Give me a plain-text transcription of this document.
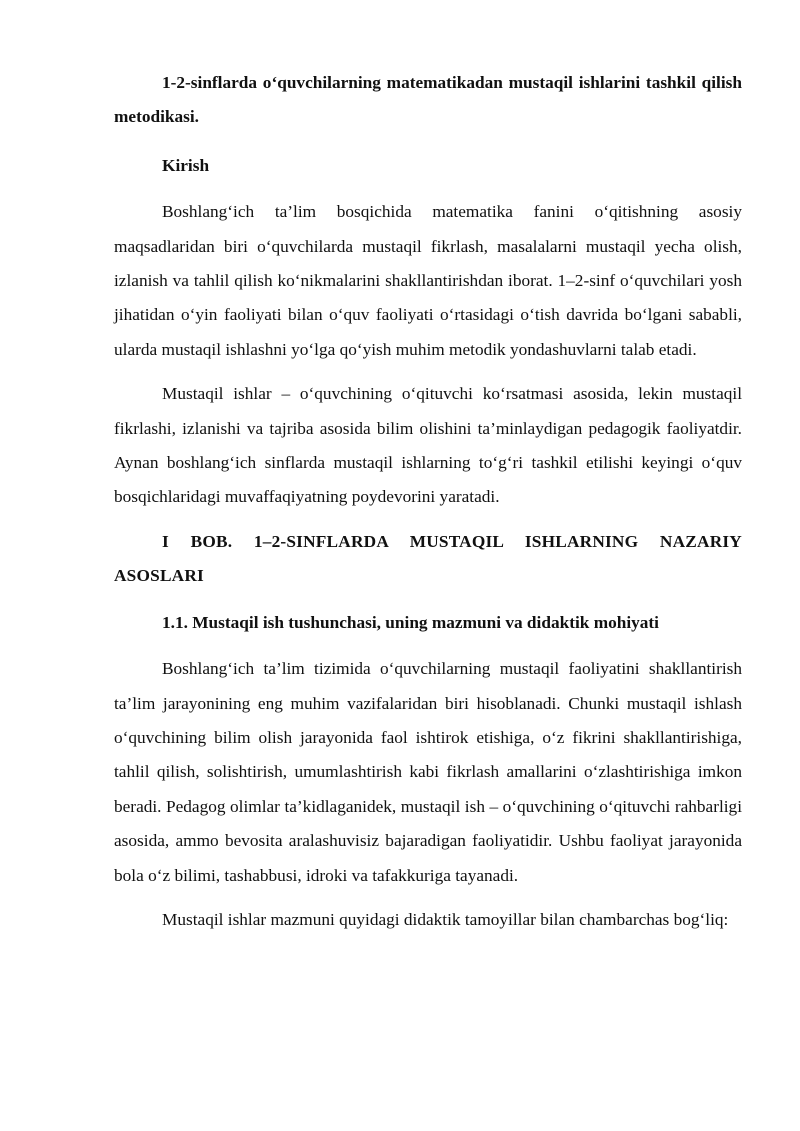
1-2-sinflarda o‘quvchilarning matematikadan mustaqil ishlarini tashkil qilish metodikasi.

Kirish

Boshlang‘ich ta’lim bosqichida matematika fanini o‘qitishning asosiy maqsadlaridan biri o‘quvchilarda mustaqil fikrlash, masalalarni mustaqil yecha olish, izlanish va tahlil qilish ko‘nikmalarini shakllantirishdan iborat. 1–2-sinf o‘quvchilari yosh jihatidan o‘yin faoliyati bilan o‘quv faoliyati o‘rtasidagi o‘tish davrida bo‘lgani sababli, ularda mustaqil ishlashni yo‘lga qo‘yish muhim metodik yondashuvlarni talab etadi.

Mustaqil ishlar – o‘quvchining o‘qituvchi ko‘rsatmasi asosida, lekin mustaqil fikrlashi, izlanishi va tajriba asosida bilim olishini ta’minlaydigan pedagogik faoliyatdir. Aynan boshlang‘ich sinflarda mustaqil ishlarning to‘g‘ri tashkil etilishi keyingi o‘quv bosqichlaridagi muvaffaqiyatning poydevorini yaratadi.

I BOB. 1–2-SINFLARDA MUSTAQIL ISHLARNING NAZARIY ASOSLARI

1.1. Mustaqil ish tushunchasi, uning mazmuni va didaktik mohiyati

Boshlang‘ich ta’lim tizimida o‘quvchilarning mustaqil faoliyatini shakllantirish ta’lim jarayonining eng muhim vazifalaridan biri hisoblanadi. Chunki mustaqil ishlash o‘quvchining bilim olish jarayonida faol ishtirok etishiga, o‘z fikrini shakllantirishiga, tahlil qilish, solishtirish, umumlashtirish kabi fikrlash amallarini o‘zlashtirishiga imkon beradi. Pedagog olimlar ta’kidlaganidek, mustaqil ish – o‘quvchining o‘qituvchi rahbarligi asosida, ammo bevosita aralashuvisiz bajaradigan faoliyatidir. Ushbu faoliyat jarayonida bola o‘z bilimi, tashabbusi, idroki va tafakkuriga tayanadi.

Mustaqil ishlar mazmuni quyidagi didaktik tamoyillar bilan chambarchas bog‘liq:
